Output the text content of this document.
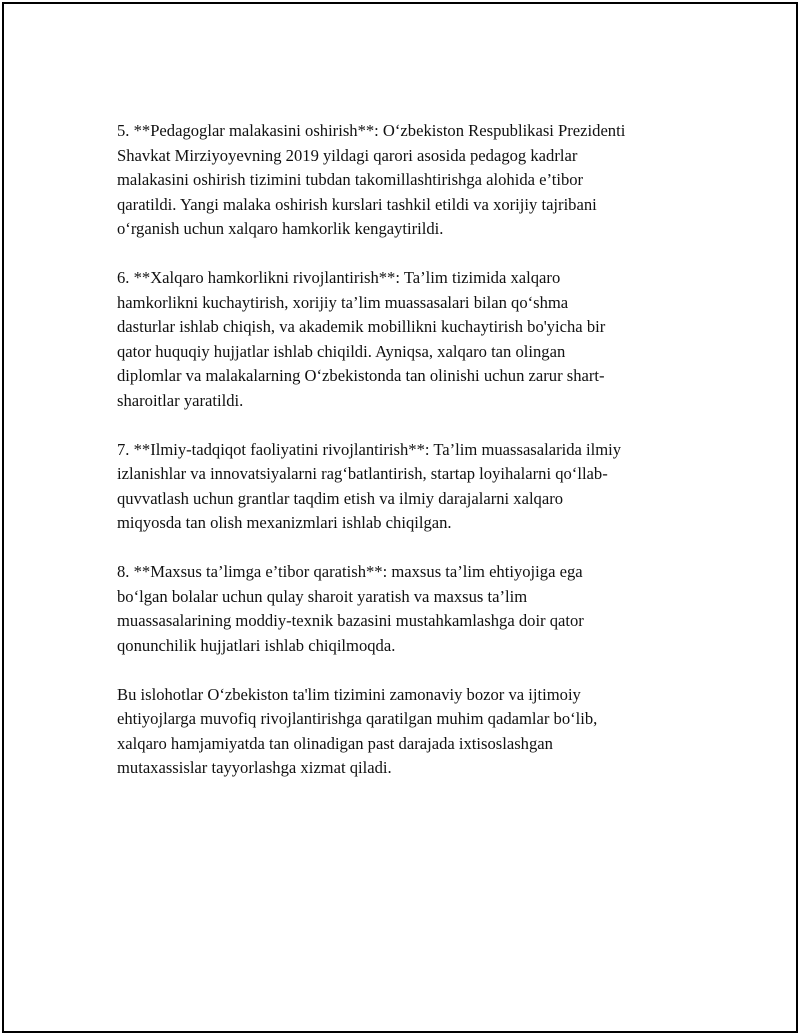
5. **Pedagoglar malakasini oshirish**: O‘zbekiston Respublikasi Prezidenti
Shavkat Mirziyoyevning 2019 yildagi qarori asosida pedagog kadrlar
malakasini oshirish tizimini tubdan takomillashtirishga alohida e’tibor
qaratildi. Yangi malaka oshirish kurslari tashkil etildi va xorijiy tajribani
o‘rganish uchun xalqaro hamkorlik kengaytirildi.

6. **Xalqaro hamkorlikni rivojlantirish**: Ta’lim tizimida xalqaro
hamkorlikni kuchaytirish, xorijiy ta’lim muassasalari bilan qo‘shma
dasturlar ishlab chiqish, va akademik mobillikni kuchaytirish bo'yicha bir
qator huquqiy hujjatlar ishlab chiqildi. Ayniqsa, xalqaro tan olingan
diplomlar va malakalarning O‘zbekistonda tan olinishi uchun zarur shart-
sharoitlar yaratildi.

7. **Ilmiy-tadqiqot faoliyatini rivojlantirish**: Ta’lim muassasalarida ilmiy
izlanishlar va innovatsiyalarni rag‘batlantirish, startap loyihalarni qo‘llab-
quvvatlash uchun grantlar taqdim etish va ilmiy darajalarni xalqaro
miqyosda tan olish mexanizmlari ishlab chiqilgan.

8. **Maxsus ta’limga e’tibor qaratish**: maxsus ta’lim ehtiyojiga ega
bo‘lgan bolalar uchun qulay sharoit yaratish va maxsus ta’lim
muassasalarining moddiy-texnik bazasini mustahkamlashga doir qator
qonunchilik hujjatlari ishlab chiqilmoqda.

Bu islohotlar O‘zbekiston ta'lim tizimini zamonaviy bozor va ijtimoiy
ehtiyojlarga muvofiq rivojlantirishga qaratilgan muhim qadamlar bo‘lib,
xalqaro hamjamiyatda tan olinadigan past darajada ixtisoslashgan
mutaxassislar tayyorlashga xizmat qiladi.
